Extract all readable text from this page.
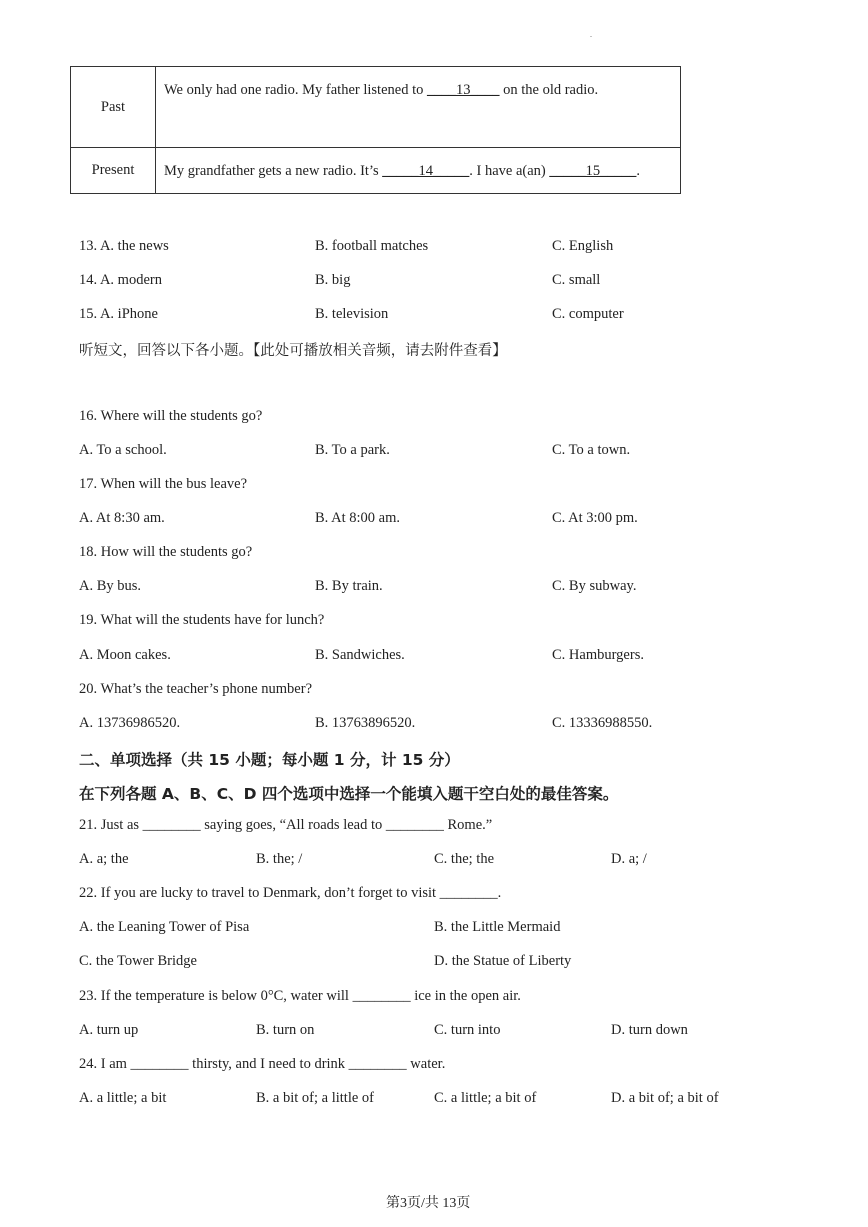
.
Past	We only had one radio. My father listened to ____13____ on the old radio.

Present	My grandfather gets a new radio. It’s _____14_____. I have a(an) _____15_____.
13. A. the news	B. football matches	C. English
14. A. modern	B. big	C. small
15. A. iPhone	B. television	C. computer
听短文，回答以下各小题。【此处可播放相关音频，请去附件查看】
16. Where will the students go?
A. To a school.	B. To a park.	C. To a town.
17. When will the bus leave?
A. At 8:30 am.	B. At 8:00 am.	C. At 3:00 pm.
18. How will the students go?
A. By bus.	B. By train.	C. By subway.
19. What will the students have for lunch?
A. Moon cakes.	B. Sandwiches.	C. Hamburgers.
20. What’s the teacher’s phone number?
A. 13736986520.	B. 13763896520.	C. 13336988550.
二、单项选择（共 15 小题；每小题 1 分，计 15 分）
在下列各题 A、B、C、D 四个选项中选择一个能填入题干空白处的最佳答案。
21. Just as ________ saying goes, “All roads lead to ________ Rome.”
A. a; the	B. the; /	C. the; the	D. a; /
22. If you are lucky to travel to Denmark, don’t forget to visit ________.
A. the Leaning Tower of Pisa	B. the Little Mermaid
C. the Tower Bridge	D. the Statue of Liberty
23. If the temperature is below 0°C, water will ________ ice in the open air.
A. turn up	B. turn on	C. turn into	D. turn down
24. I am ________ thirsty, and I need to drink ________ water.
A. a little; a bit	B. a bit of; a little of	C. a little; a bit of	D. a bit of; a bit of
第3页/共 13页
